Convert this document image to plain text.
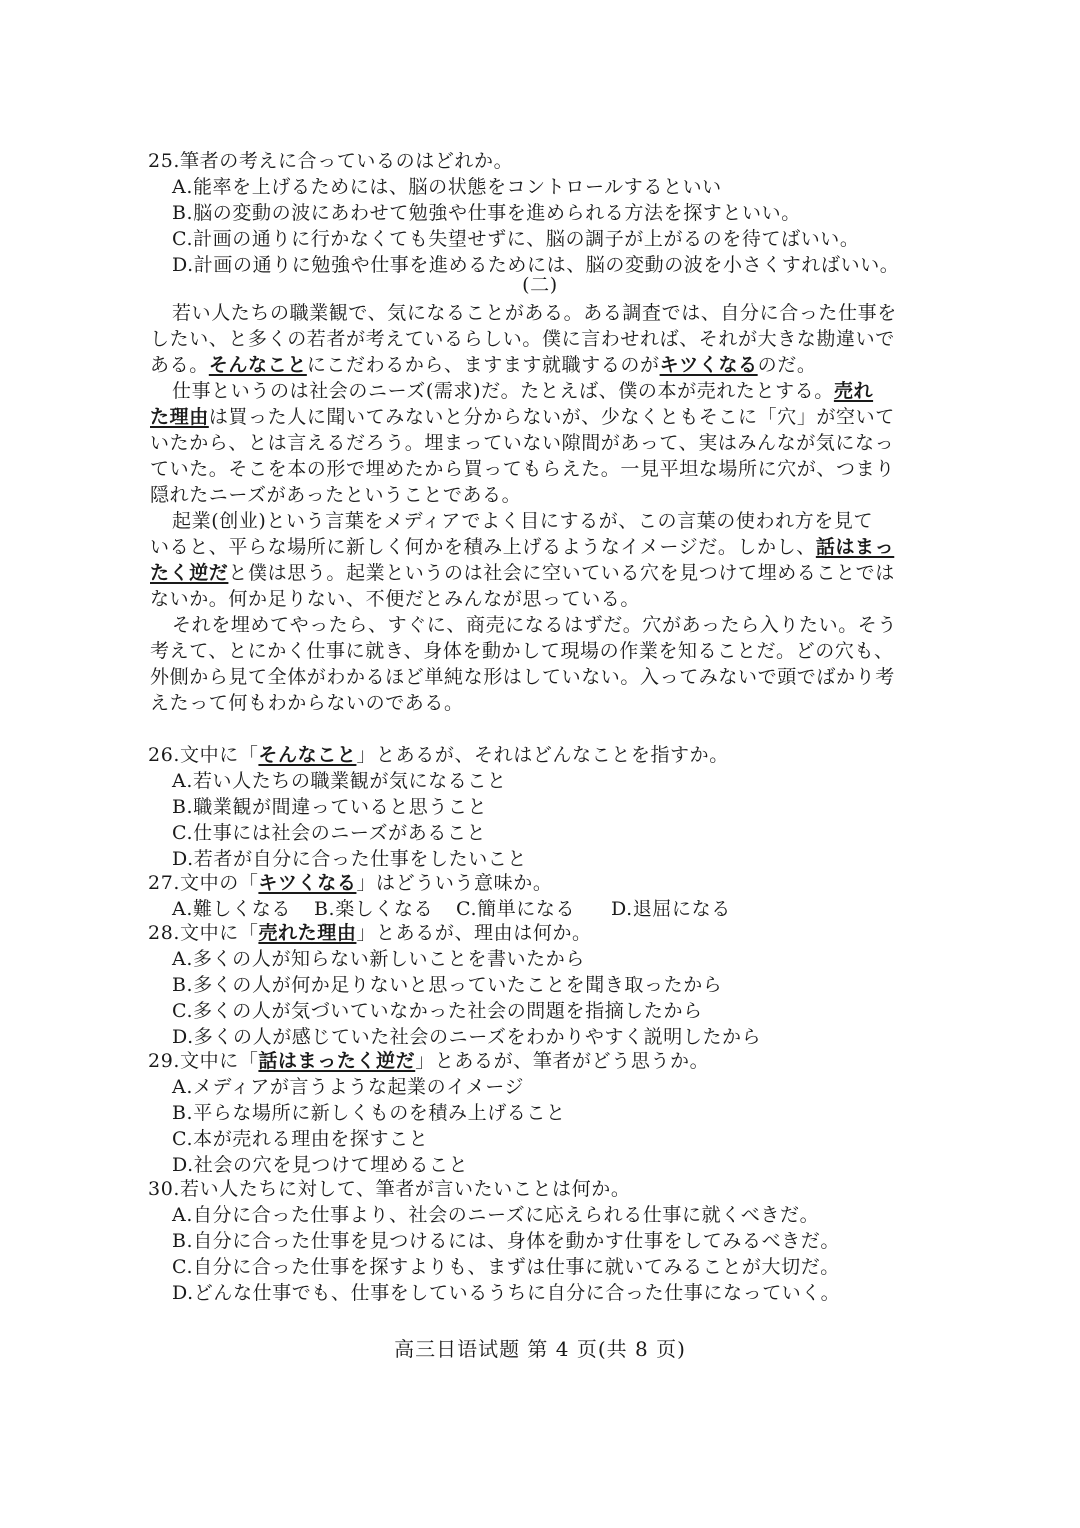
25.筆者の考えに合っているのはどれか。
A.能率を上げるためには、脳の状態をコントロールするといい
B.脳の変動の波にあわせて勉強や仕事を進められる方法を探すといい。
C.計画の通りに行かなくても失望せずに、脳の調子が上がるのを待てばいい。
D.計画の通りに勉強や仕事を進めるためには、脳の変動の波を小さくすればいい。
(二)
若い人たちの職業観で、気になることがある。ある調査では、自分に合った仕事を
したい、と多くの若者が考えているらしい。僕に言わせれば、それが大きな勘違いで
ある。そんなことにこだわるから、ますます就職するのがキツくなるのだ。
仕事というのは社会のニーズ(需求)だ。たとえば、僕の本が売れたとする。売れ
た理由は買った人に聞いてみないと分からないが、少なくともそこに「穴」が空いて
いたから、とは言えるだろう。埋まっていない隙間があって、実はみんなが気になっ
ていた。そこを本の形で埋めたから買ってもらえた。一見平坦な場所に穴が、つまり
隠れたニーズがあったということである。
起業(创业)という言葉をメディアでよく目にするが、この言葉の使われ方を見て
いると、平らな場所に新しく何かを積み上げるようなイメージだ。しかし、話はまっ
たく逆だと僕は思う。起業というのは社会に空いている穴を見つけて埋めることでは
ないか。何か足りない、不便だとみんなが思っている。
それを埋めてやったら、すぐに、商売になるはずだ。穴があったら入りたい。そう
考えて、とにかく仕事に就き、身体を動かして現場の作業を知ることだ。どの穴も、
外側から見て全体がわかるほど単純な形はしていない。入ってみないで頭でばかり考
えたって何もわからないのである。
26.文中に「そんなこと」とあるが、それはどんなことを指すか。
A.若い人たちの職業観が気になること
B.職業観が間違っていると思うこと
C.仕事には社会のニーズがあること
D.若者が自分に合った仕事をしたいこと
27.文中の「キツくなる」はどういう意味か。
A.難しくなる B.楽しくなる C.簡単になる D.退屈になる
28.文中に「売れた理由」とあるが、理由は何か。
A.多くの人が知らない新しいことを書いたから
B.多くの人が何か足りないと思っていたことを聞き取ったから
C.多くの人が気づいていなかった社会の問題を指摘したから
D.多くの人が感じていた社会のニーズをわかりやすく説明したから
29.文中に「話はまったく逆だ」とあるが、筆者がどう思うか。
A.メディアが言うような起業のイメージ
B.平らな場所に新しくものを積み上げること
C.本が売れる理由を探すこと
D.社会の穴を見つけて埋めること
30.若い人たちに対して、筆者が言いたいことは何か。
A.自分に合った仕事より、社会のニーズに応えられる仕事に就くべきだ。
B.自分に合った仕事を見つけるには、身体を動かす仕事をしてみるべきだ。
C.自分に合った仕事を探すよりも、まずは仕事に就いてみることが大切だ。
D.どんな仕事でも、仕事をしているうちに自分に合った仕事になっていく。
高三日语试题 第 4 页(共 8 页)
